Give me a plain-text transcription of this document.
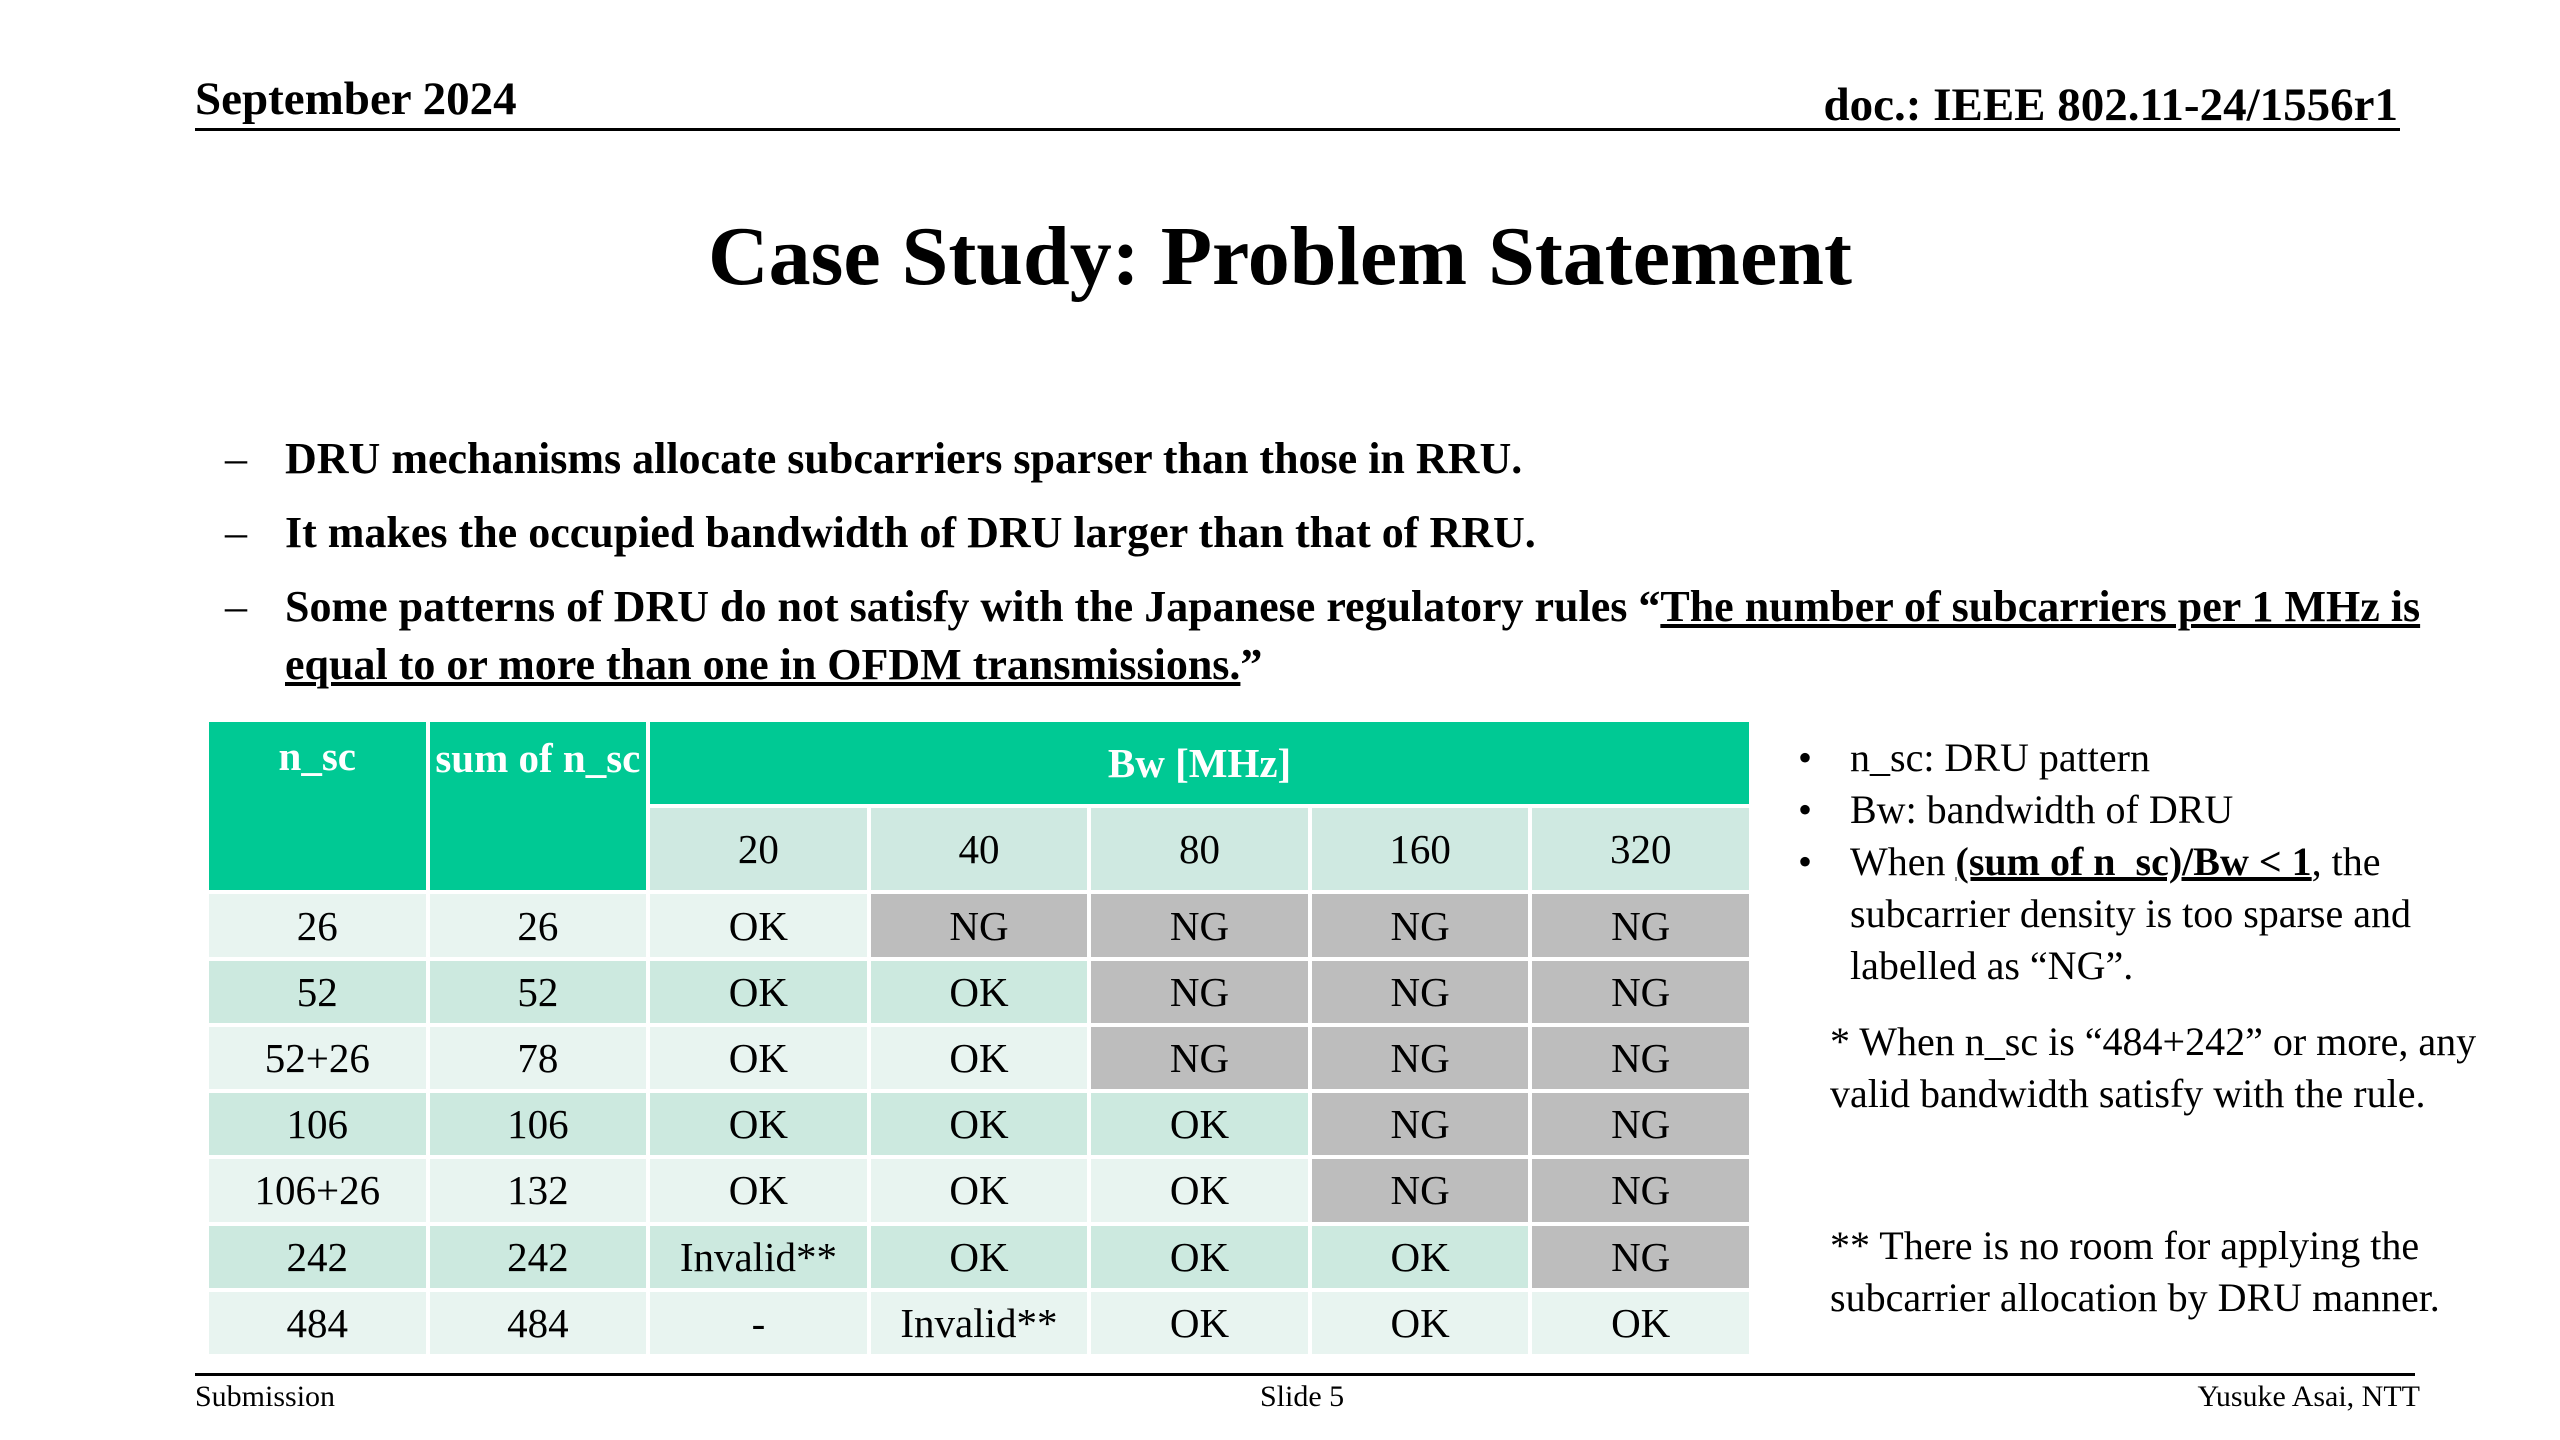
September 2024	doc.: IEEE 802.11-24/1556r1
Case Study: Problem Statement
– DRU mechanisms allocate subcarriers sparser than those in RRU.
– It makes the occupied bandwidth of DRU larger than that of RRU.
– Some patterns of DRU do not satisfy with the Japanese regulatory rules “The number of subcarriers per 1 MHz is equal to or more than one in OFDM transmissions.”
n_sc	sum of n_sc	Bw [MHz]				
		20	40	80	160	320
26	26	OK	NG	NG	NG	NG
52	52	OK	OK	NG	NG	NG
52+26	78	OK	OK	NG	NG	NG
106	106	OK	OK	OK	NG	NG
106+26	132	OK	OK	OK	NG	NG
242	242	Invalid**	OK	OK	OK	NG
484	484	-	Invalid**	OK	OK	OK
• n_sc: DRU pattern
• Bw: bandwidth of DRU
• When (sum of n_sc)/Bw < 1, the subcarrier density is too sparse and labelled as “NG”.
* When n_sc is “484+242” or more, any valid bandwidth satisfy with the rule.
** There is no room for applying the subcarrier allocation by DRU manner.
Submission	Slide 5	Yusuke Asai, NTT
